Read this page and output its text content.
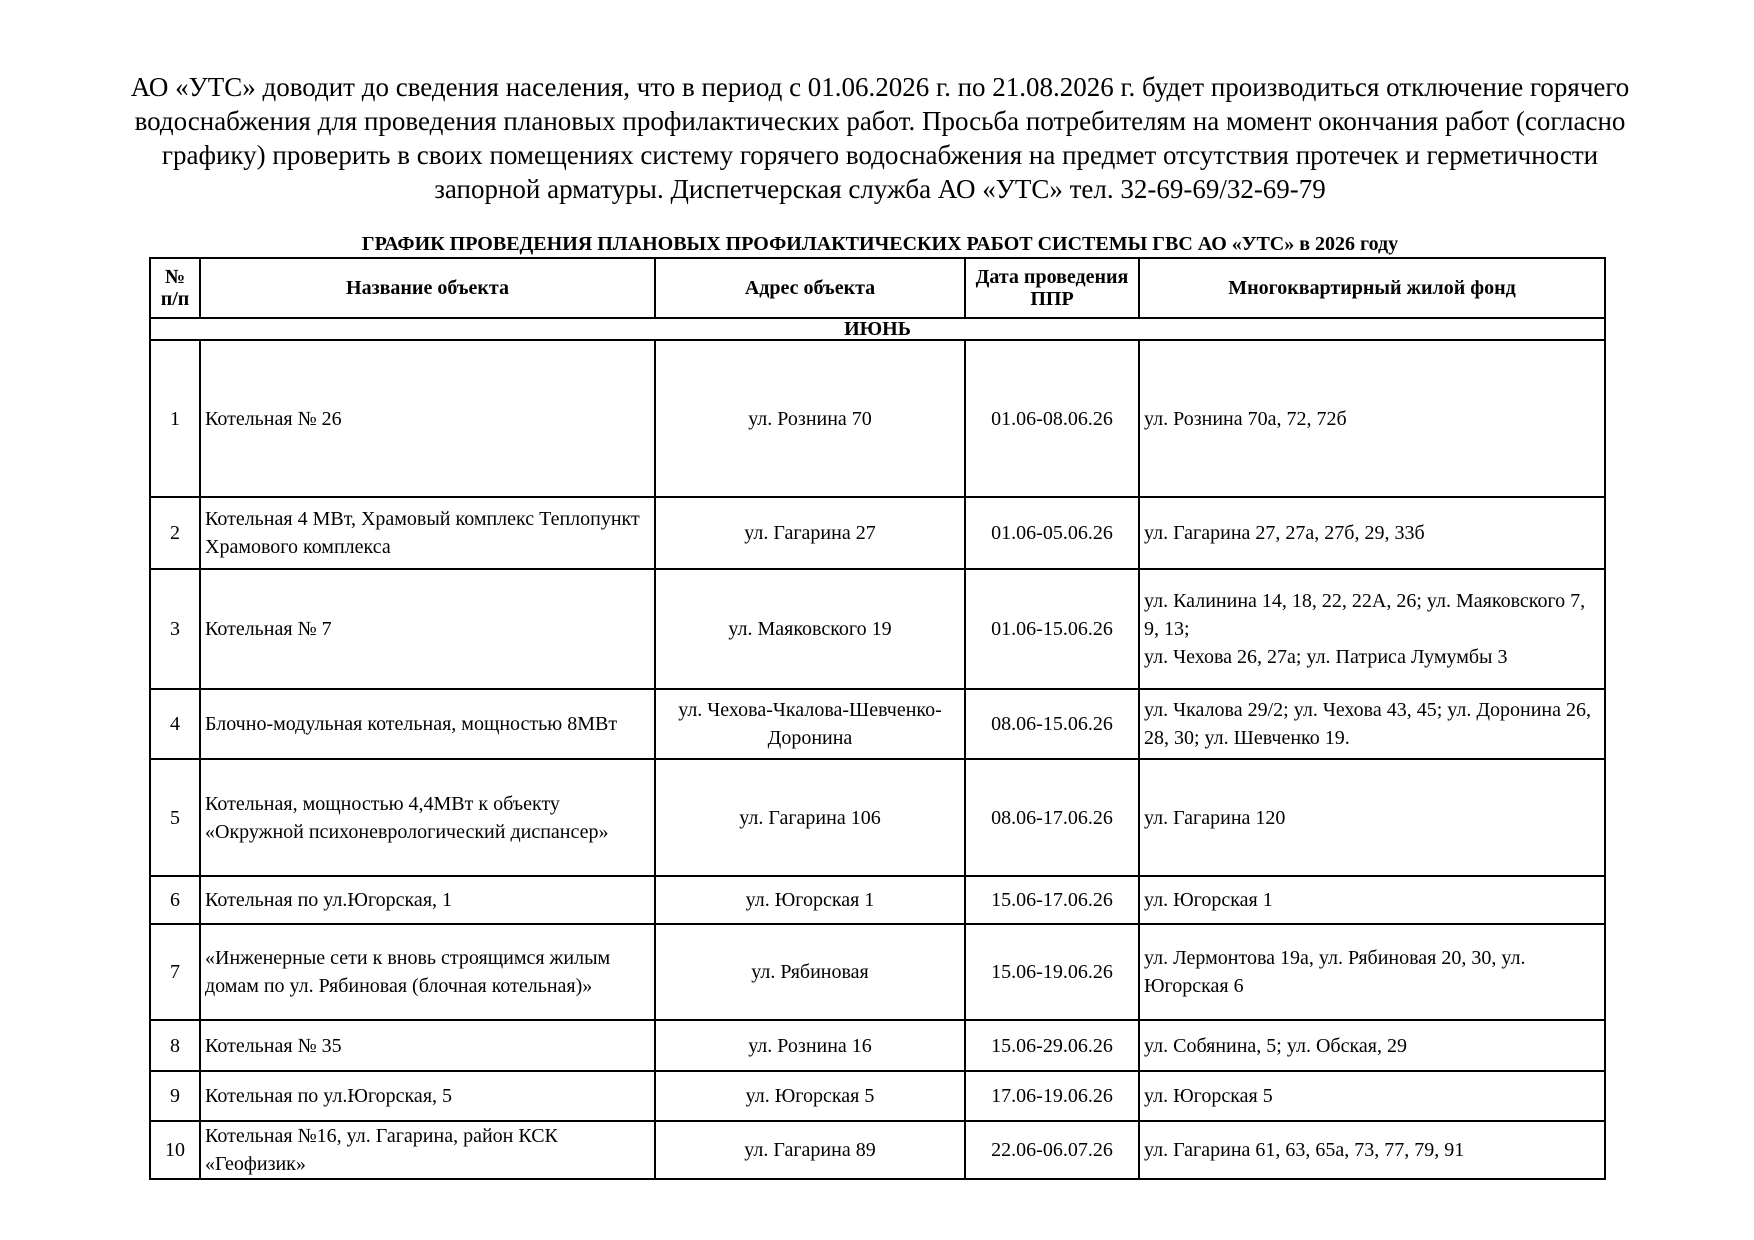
АО «УТС» доводит до сведения населения, что в период с 01.06.2026 г. по 21.08.2026 г. будет производиться отключение горячего водоснабжения для проведения плановых профилактических работ. Просьба потребителям на момент окончания работ (согласно графику) проверить в своих помещениях систему горячего водоснабжения на предмет отсутствия протечек и герметичности запорной арматуры. Диспетчерская служба АО «УТС» тел. 32-69-69/32-69-79
ГРАФИК ПРОВЕДЕНИЯ ПЛАНОВЫХ ПРОФИЛАКТИЧЕСКИХ РАБОТ СИСТЕМЫ ГВС АО «УТС» в 2026 году
№ п/п	Название объекта	Адрес объекта	Дата проведения ППР	Многоквартирный жилой фонд
ИЮНЬ				
1	Котельная № 26	ул. Рознина 70	01.06-08.06.26	ул. Рознина 70а, 72, 72б
2	Котельная 4 МВт, Храмовый комплекс Теплопункт Храмового комплекса	ул. Гагарина 27	01.06-05.06.26	ул. Гагарина 27, 27а, 27б, 29, 33б
3	Котельная № 7	ул. Маяковского 19	01.06-15.06.26	ул. Калинина 14, 18, 22, 22А, 26; ул. Маяковского 7, 9, 13;
ул. Чехова 26, 27а; ул. Патриса Лумумбы 3
4	Блочно-модульная котельная, мощностью 8МВт	ул. Чехова-Чкалова-Шевченко-Доронина	08.06-15.06.26	ул. Чкалова 29/2; ул. Чехова 43, 45; ул. Доронина 26, 28, 30; ул. Шевченко 19.
5	Котельная, мощностью 4,4МВт к объекту «Окружной психоневрологический диспансер»	ул. Гагарина 106	08.06-17.06.26	ул. Гагарина 120
6	Котельная по ул.Югорская, 1	ул. Югорская 1	15.06-17.06.26	ул. Югорская 1
7	«Инженерные сети к вновь строящимся жилым домам по ул. Рябиновая (блочная котельная)»	ул. Рябиновая	15.06-19.06.26	ул. Лермонтова 19а, ул. Рябиновая 20, 30, ул. Югорская 6
8	Котельная № 35	ул. Рознина 16	15.06-29.06.26	ул. Собянина, 5; ул. Обская, 29
9	Котельная по ул.Югорская, 5	ул. Югорская 5	17.06-19.06.26	ул. Югорская 5
10	Котельная №16, ул. Гагарина, район КСК «Геофизик»	ул. Гагарина 89	22.06-06.07.26	ул. Гагарина 61, 63, 65а, 73, 77, 79, 91
